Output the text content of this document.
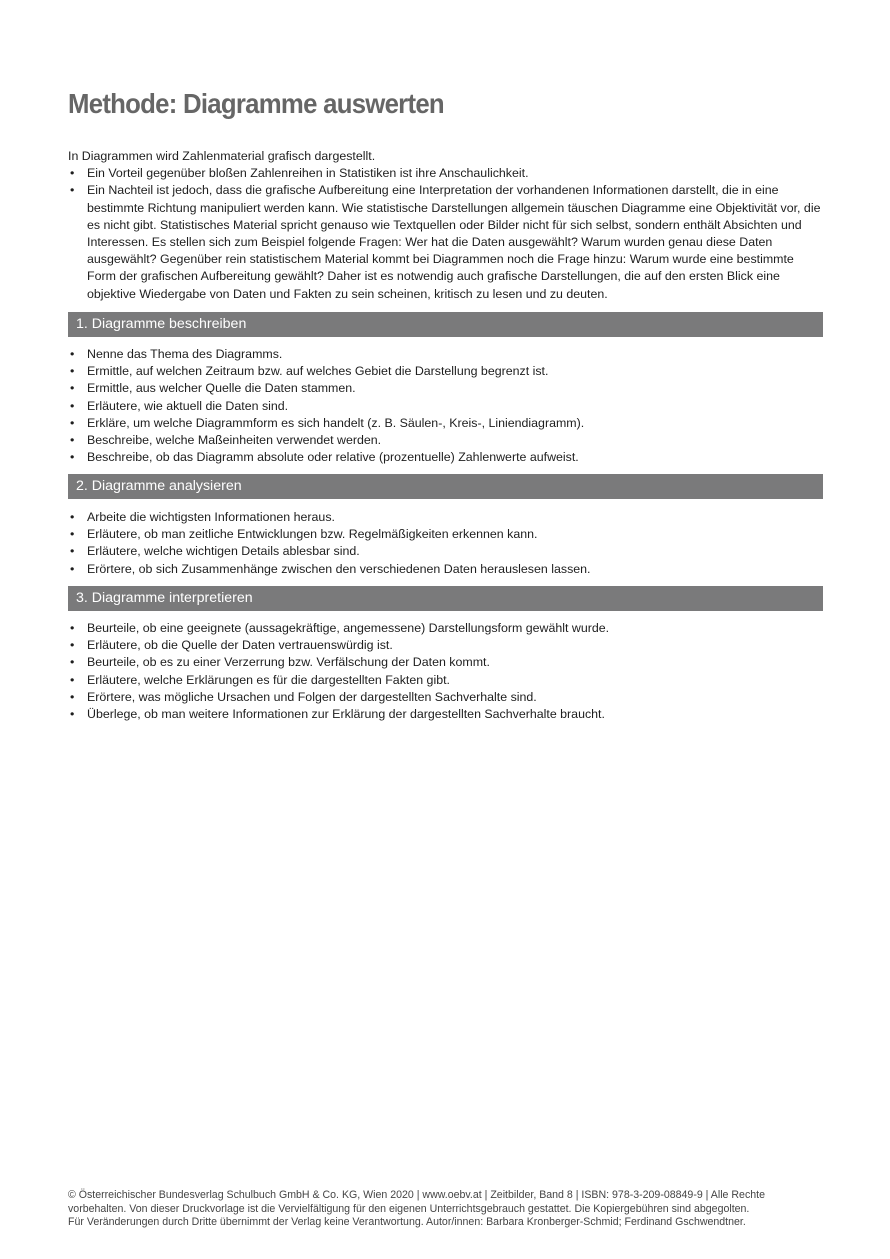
Methode: Diagramme auswerten

In Diagrammen wird Zahlenmaterial grafisch dargestellt.

• Ein Vorteil gegenüber bloßen Zahlenreihen in Statistiken ist ihre Anschaulichkeit.
• Ein Nachteil ist jedoch, dass die grafische Aufbereitung eine Interpretation der vorhandenen Informationen darstellt, die in eine bestimmte Richtung manipuliert werden kann. Wie statistische Darstellungen allgemein täuschen Diagramme eine Objektivität vor, die es nicht gibt. Statistisches Material spricht genauso wie Textquellen oder Bilder nicht für sich selbst, sondern enthält Absichten und Interessen. Es stellen sich zum Beispiel folgende Fragen: Wer hat die Daten ausgewählt? Warum wurden genau diese Daten ausgewählt? Gegenüber rein statistischem Material kommt bei Diagrammen noch die Frage hinzu: Warum wurde eine bestimmte Form der grafischen Aufbereitung gewählt? Daher ist es notwendig auch grafische Darstellungen, die auf den ersten Blick eine objektive Wiedergabe von Daten und Fakten zu sein scheinen, kritisch zu lesen und zu deuten.
1. Diagramme beschreiben
• Nenne das Thema des Diagramms.
• Ermittle, auf welchen Zeitraum bzw. auf welches Gebiet die Darstellung begrenzt ist.
• Ermittle, aus welcher Quelle die Daten stammen.
• Erläutere, wie aktuell die Daten sind.
• Erkläre, um welche Diagrammform es sich handelt (z. B. Säulen-, Kreis-, Liniendiagramm).
• Beschreibe, welche Maßeinheiten verwendet werden.
• Beschreibe, ob das Diagramm absolute oder relative (prozentuelle) Zahlenwerte aufweist.
2. Diagramme analysieren
• Arbeite die wichtigsten Informationen heraus.
• Erläutere, ob man zeitliche Entwicklungen bzw. Regelmäßigkeiten erkennen kann.
• Erläutere, welche wichtigen Details ablesbar sind.
• Erörtere, ob sich Zusammenhänge zwischen den verschiedenen Daten herauslesen lassen.
3. Diagramme interpretieren
• Beurteile, ob eine geeignete (aussagekräftige, angemessene) Darstellungsform gewählt wurde.
• Erläutere, ob die Quelle der Daten vertrauenswürdig ist.
• Beurteile, ob es zu einer Verzerrung bzw. Verfälschung der Daten kommt.
• Erläutere, welche Erklärungen es für die dargestellten Fakten gibt.
• Erörtere, was mögliche Ursachen und Folgen der dargestellten Sachverhalte sind.
• Überlege, ob man weitere Informationen zur Erklärung der dargestellten Sachverhalte braucht.

© Österreichischer Bundesverlag Schulbuch GmbH & Co. KG, Wien 2020 | www.oebv.at | Zeitbilder, Band 8 | ISBN: 978-3-209-08849-9 | Alle Rechte

vorbehalten. Von dieser Druckvorlage ist die Vervielfältigung für den eigenen Unterrichtsgebrauch gestattet. Die Kopiergebühren sind abgegolten.

Für Veränderungen durch Dritte übernimmt der Verlag keine Verantwortung. Autor/innen: Barbara Kronberger-Schmid; Ferdinand Gschwendtner.
